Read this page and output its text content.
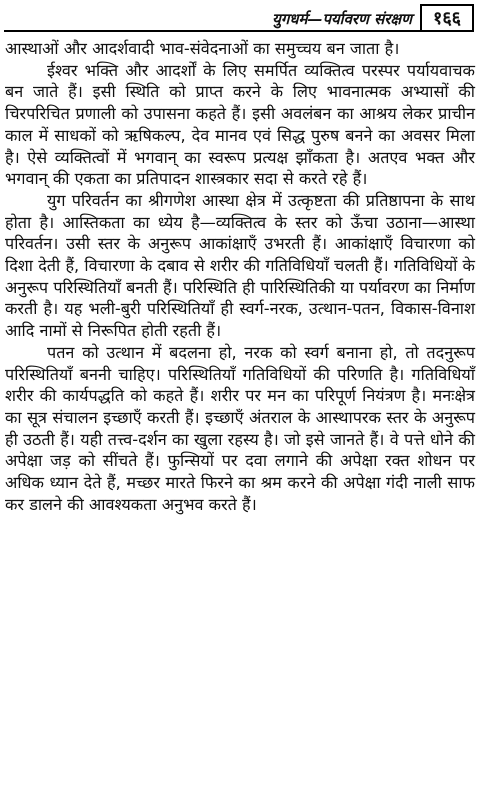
युगधर्म—पर्यावरण संरक्षण	१६६

आस्थाओं और आदर्शवादी भाव-संवेदनाओं का समुच्चय बन जाता है।

ईश्वर भक्ति और आदर्शों के लिए समर्पित व्यक्तित्व परस्पर पर्यायवाचक बन जाते हैं। इसी स्थिति को प्राप्त करने के लिए भावनात्मक अभ्यासों की चिरपरिचित प्रणाली को उपासना कहते हैं। इसी अवलंबन का आश्रय लेकर प्राचीन काल में साधकों को ऋषिकल्प, देव मानव एवं सिद्ध पुरुष बनने का अवसर मिला है। ऐसे व्यक्तित्वों में भगवान् का स्वरूप प्रत्यक्ष झाँकता है। अतएव भक्त और भगवान् की एकता का प्रतिपादन शास्त्रकार सदा से करते रहे हैं।

युग परिवर्तन का श्रीगणेश आस्था क्षेत्र में उत्कृष्टता की प्रतिष्ठापना के साथ होता है। आस्तिकता का ध्येय है—व्यक्तित्व के स्तर को ऊँचा उठाना—आस्था परिवर्तन। उसी स्तर के अनुरूप आकांक्षाएँ उभरती हैं। आकांक्षाएँ विचारणा को दिशा देती हैं, विचारणा के दबाव से शरीर की गतिविधियाँ चलती हैं। गतिविधियों के अनुरूप परिस्थितियाँ बनती हैं। परिस्थिति ही पारिस्थितिकी या पर्यावरण का निर्माण करती है। यह भली-बुरी परिस्थितियाँ ही स्वर्ग-नरक, उत्थान-पतन, विकास-विनाश आदि नामों से निरूपित होती रहती हैं।

पतन को उत्थान में बदलना हो, नरक को स्वर्ग बनाना हो, तो तदनुरूप परिस्थितियाँ बननी चाहिए। परिस्थितियाँ गतिविधियों की परिणति है। गतिविधियाँ शरीर की कार्यपद्धति को कहते हैं। शरीर पर मन का परिपूर्ण नियंत्रण है। मनःक्षेत्र का सूत्र संचालन इच्छाएँ करती हैं। इच्छाएँ अंतराल के आस्थापरक स्तर के अनुरूप ही उठती हैं। यही तत्त्व-दर्शन का खुला रहस्य है। जो इसे जानते हैं। वे पत्ते धोने की अपेक्षा जड़ को सींचते हैं। फुन्सियों पर दवा लगाने की अपेक्षा रक्त शोधन पर अधिक ध्यान देते हैं, मच्छर मारते फिरने का श्रम करने की अपेक्षा गंदी नाली साफ कर डालने की आवश्यकता अनुभव करते हैं।
